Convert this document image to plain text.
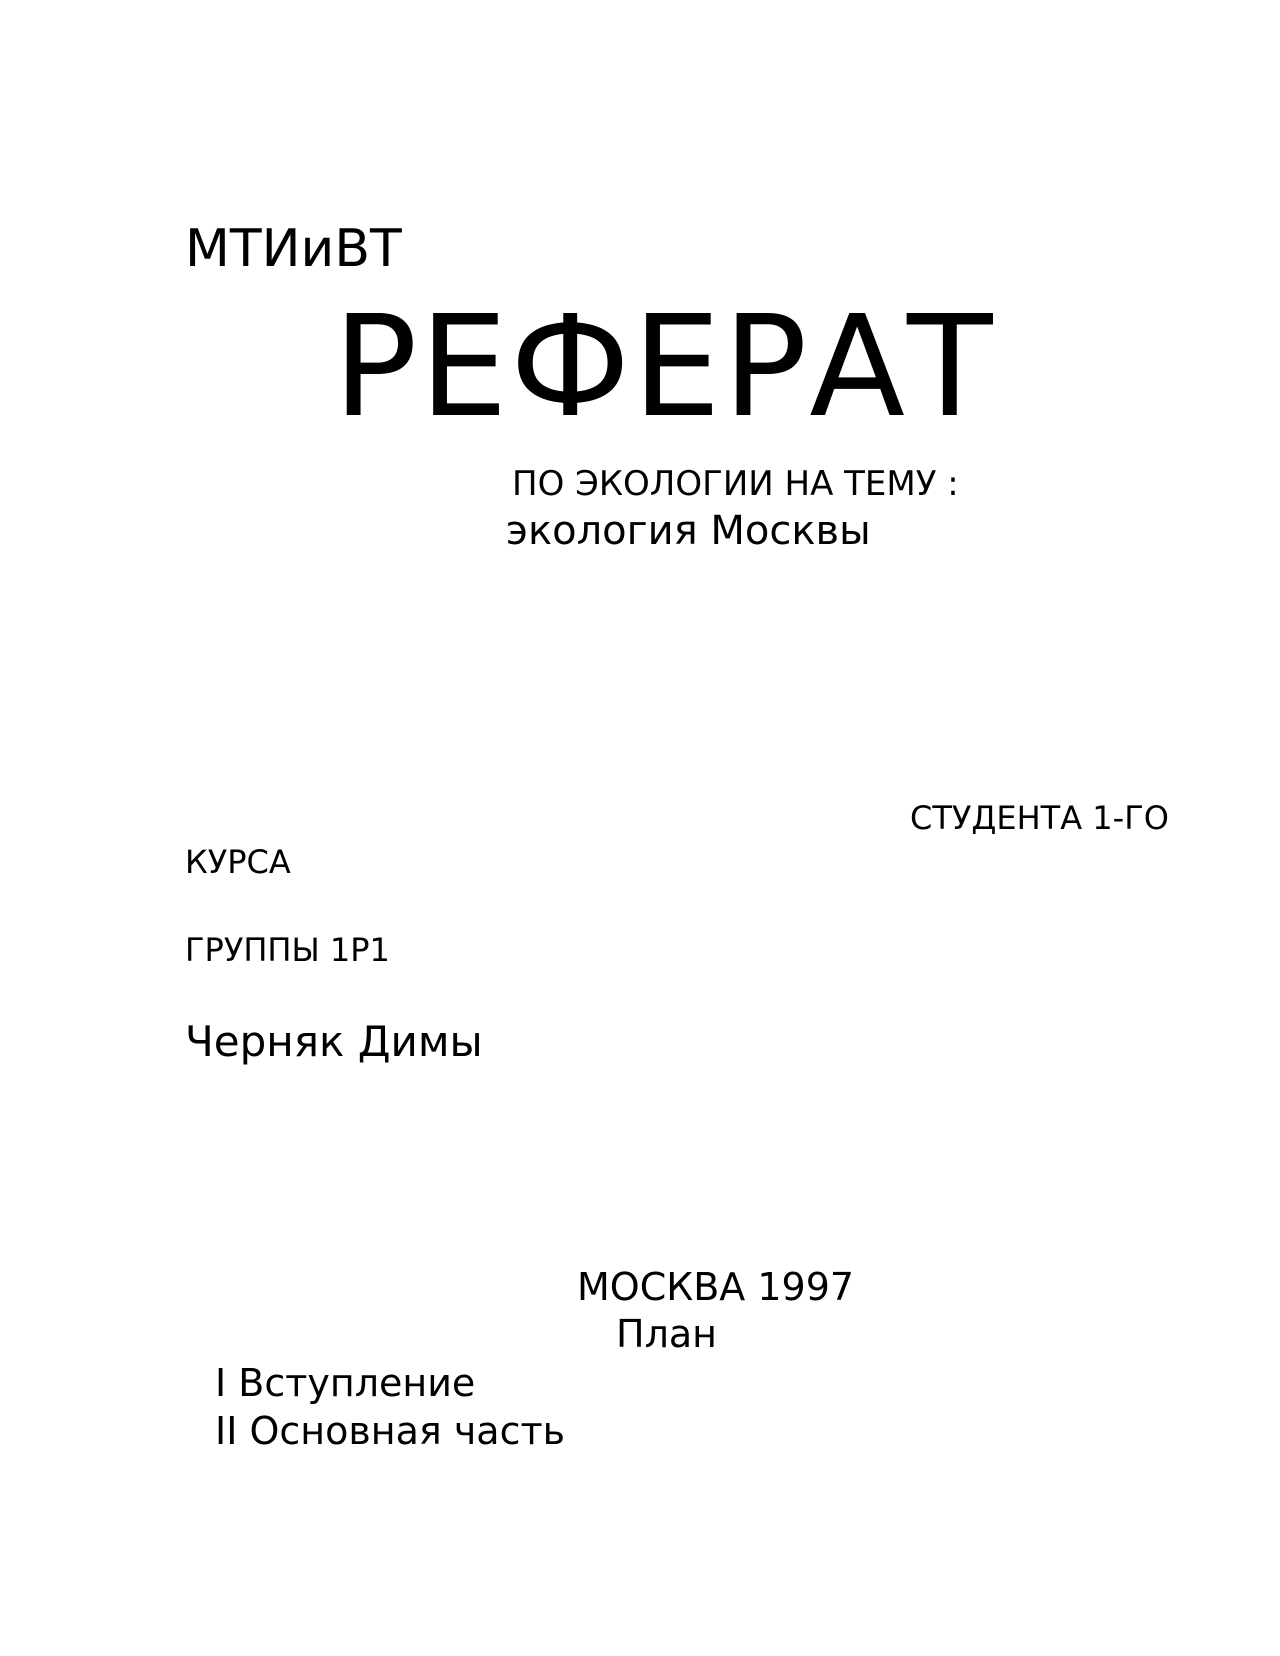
МТИиВТ
РЕФЕРАТ
ПО ЭКОЛОГИИ НА ТЕМУ :
экология Москвы
СТУДЕНТА 1-ГО
КУРСА
ГРУППЫ 1Р1
Черняк Димы
МОСКВА 1997
План
I Вступление
II Основная часть
